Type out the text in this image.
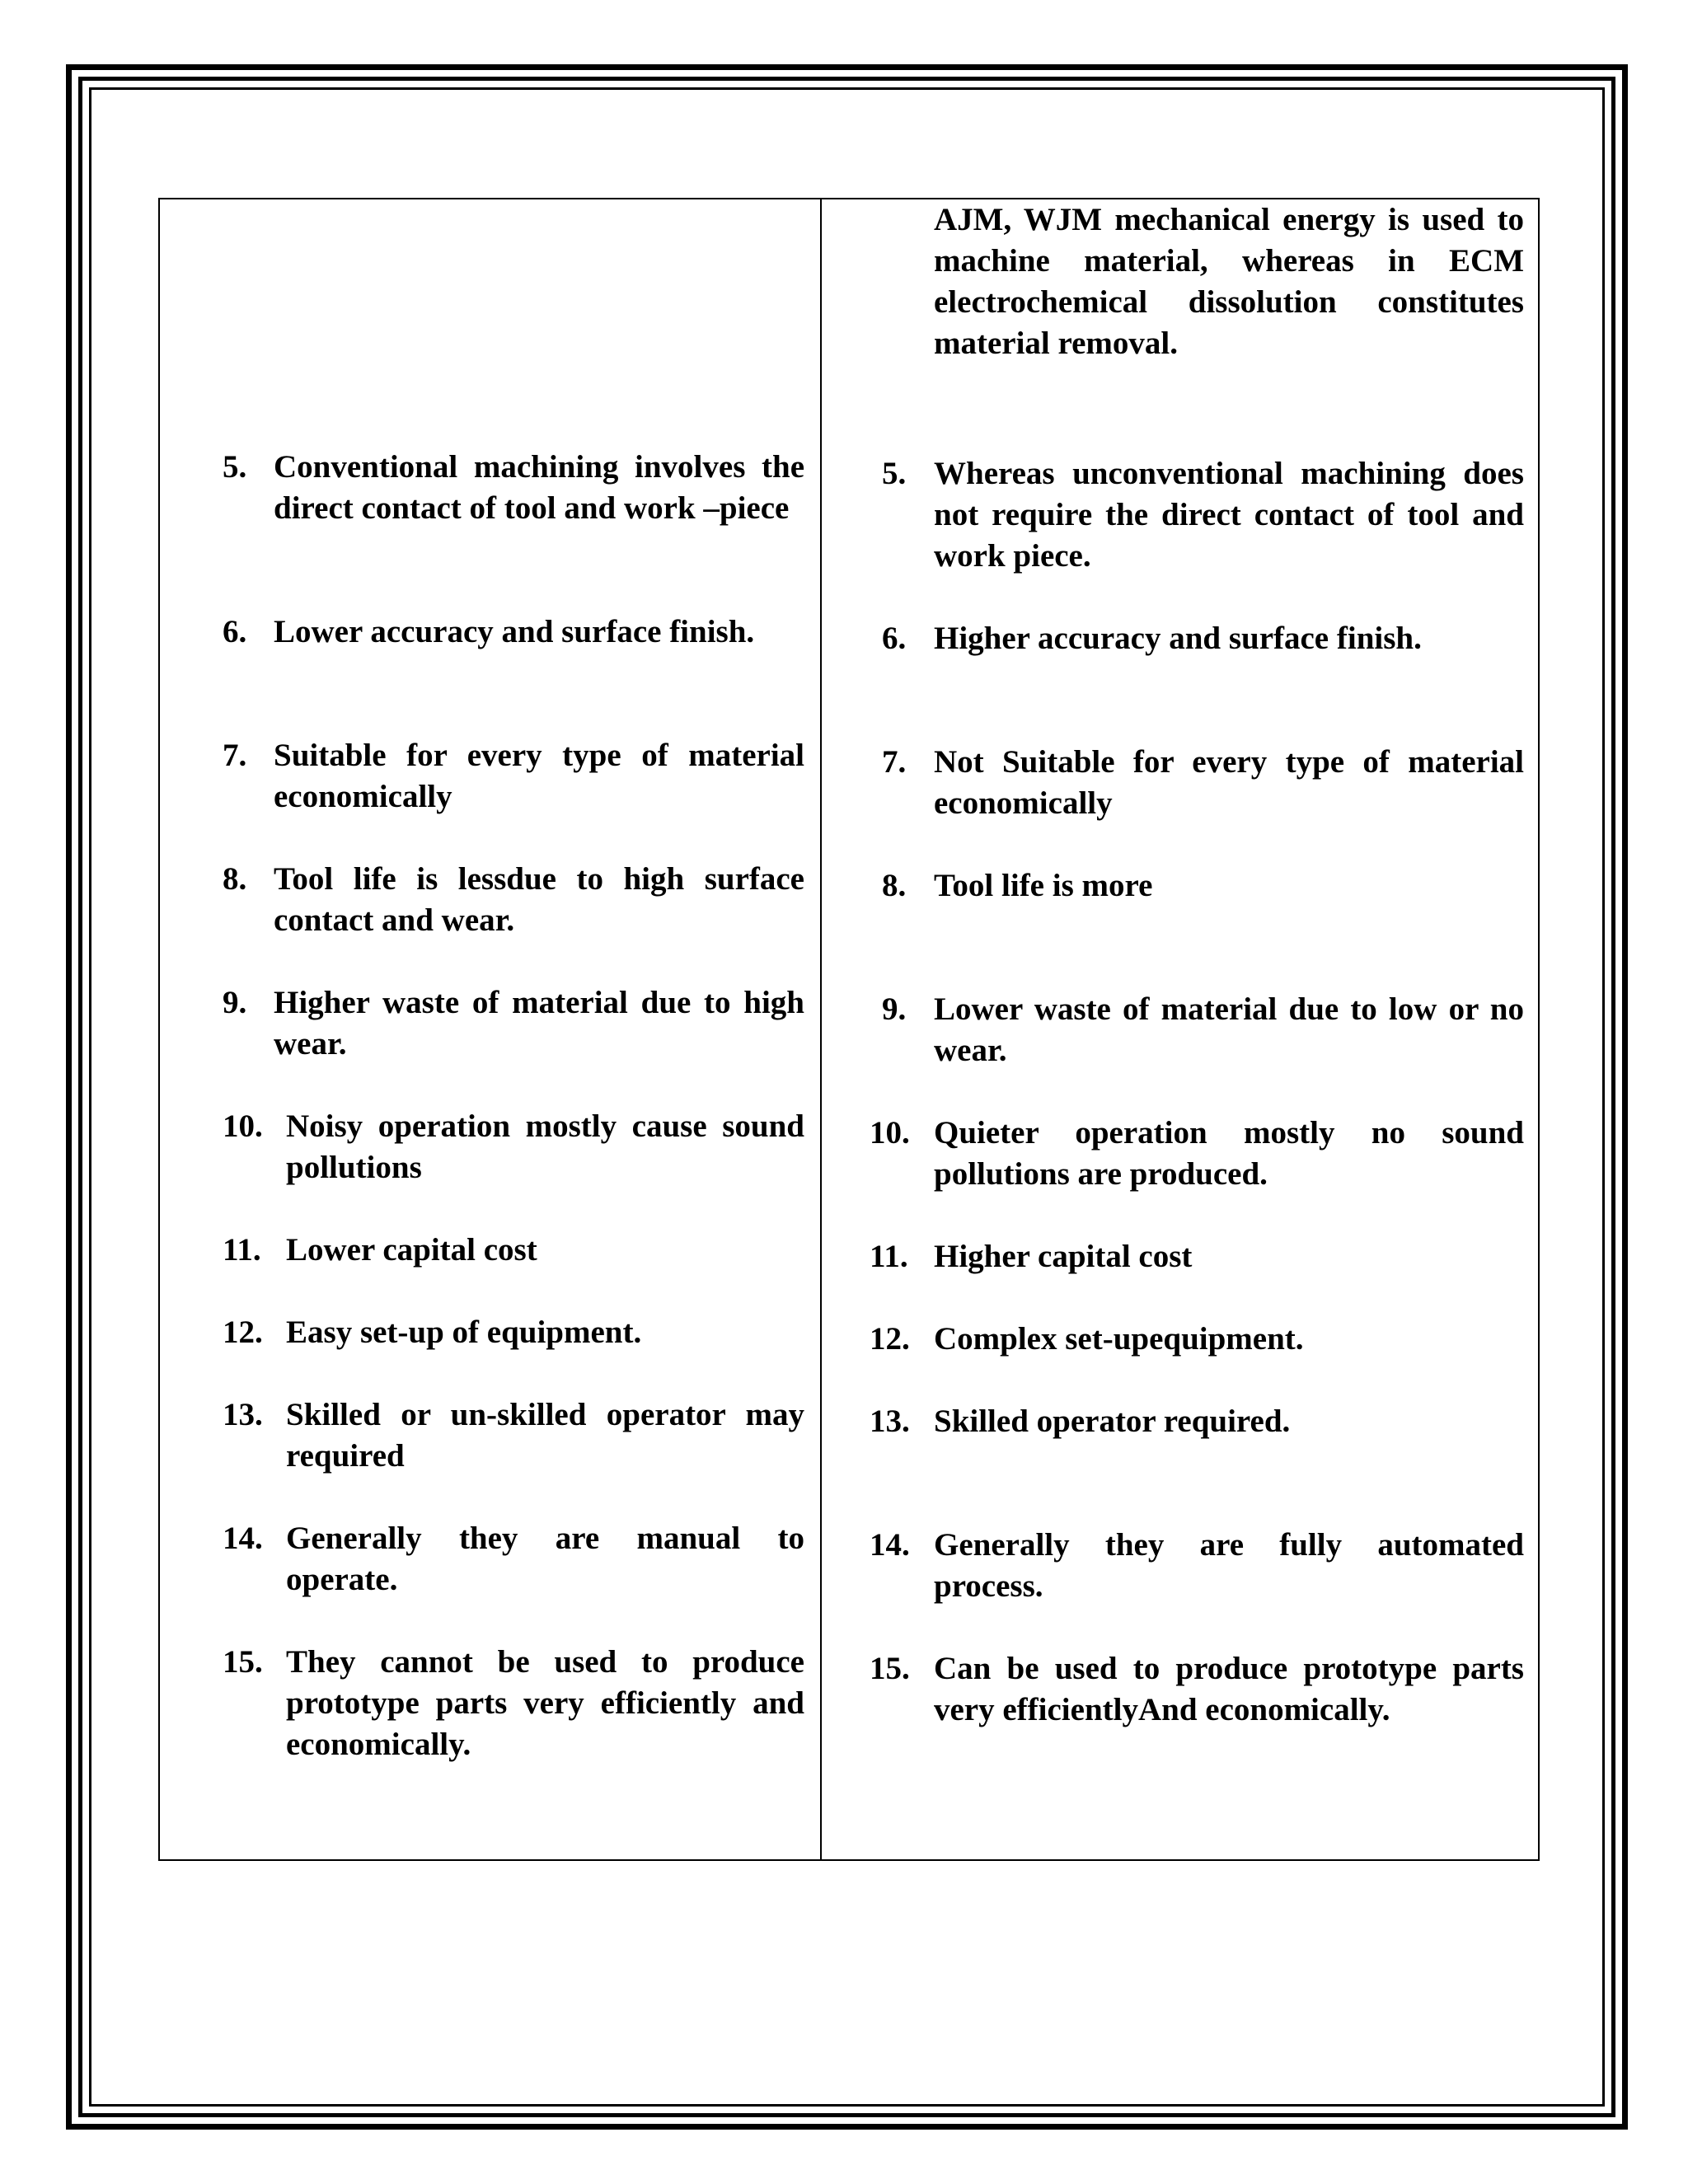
AJM, WJM mechanical energy is used to machine material, whereas in ECM electrochemical dissolution constitutes material removal.
5. Conventional machining involves the direct contact of tool and work –piece
6. Lower accuracy and surface finish.
7. Suitable for every type of material economically
8. Tool life is lessdue to high surface contact and wear.
9. Higher waste of material due to high wear.
10. Noisy operation mostly cause sound pollutions
11. Lower capital cost
12. Easy set-up of equipment.
13. Skilled or un-skilled operator may required
14. Generally they are manual to operate.
15. They cannot be used to produce prototype parts very efficiently and economically.
5. Whereas unconventional machining does not require the direct contact of tool and work piece.
6. Higher accuracy and surface finish.
7. Not Suitable for every type of material economically
8. Tool life is more
9. Lower waste of material due to low or no wear.
10. Quieter operation mostly no sound pollutions are produced.
11. Higher capital cost
12. Complex set-upequipment.
13. Skilled operator required.
14. Generally they are fully automated process.
15. Can be used to produce prototype parts very efficientlyAnd economically.
